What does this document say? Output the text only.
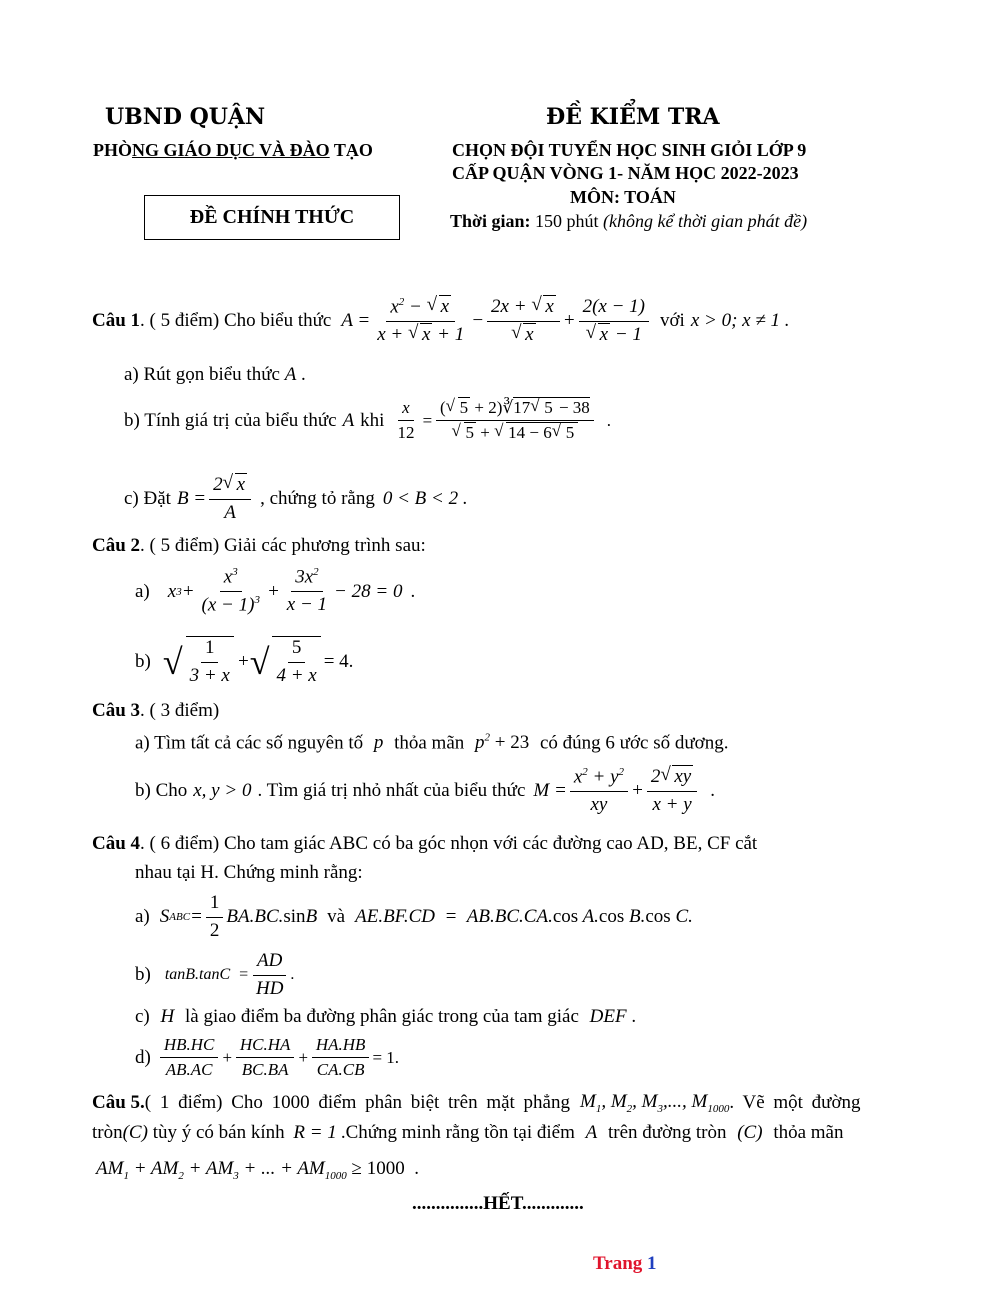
UBND QUẬN
PHÒNG GIÁO DỤC VÀ ĐÀO TẠO
ĐỀ CHÍNH THỨC
ĐỀ KIỂM TRA
CHỌN ĐỘI TUYỂN HỌC SINH GIỎI LỚP 9
CẤP QUẬN VÒNG 1- NĂM HỌC 2022-2023
MÔN: TOÁN
Thời gian: 150 phút (không kể thời gian phát đề)
Câu 1 . ( 5 điểm) Cho biểu thức $A = \frac{x^2 - √ x}{x + √ x + 1} - 2x$ + √ x
√ x + 2(x − 1)
√ x − 1 với x > 0; x ≠ 1 .
a) Rút gọn biểu thức A .
b) Tính giá trị của biểu thức A khi $\frac{x}{12}$ = ( √ 5 + 2)∛17 √ 5 − 38
√ 5 + √ 14 − 6 √ 5 .
c) Đặt $B = \frac{2 √ x}{A}$ , chứng tỏ rằng 0 < B < 2 .
Câu 2. ( 5 điểm) Giải các phương trình sau:
a) x $3 + \frac{x^3}{(x - 1)^3} + \frac{3x^2}{x - 1} - 28 = 0$ .
b) √ $\frac{1}{3 + x}$ + √ $\frac{5}{4 + x} = 4$.
Câu 3. ( 3 điểm)
a) Tìm tất cả các số nguyên tố p thỏa mãn $p^2 + 23$ có đúng 6 ước số dương.
b) Cho x, y > 0 . Tìm giá trị nhỏ nhất của biểu thức $M = \frac{x^2 + y^2}{xy} + \frac{2 √ xy}{x + y}$ .
Câu 4. ( 6 điểm) Cho tam giác ABC có ba góc nhọn với các đường cao AD, BE, CF cắt
nhau tại H. Chứng minh rằng:
a) S ABC = $\frac{1}{2} BA.BC$. sin B và AE.BF.CD  =  AB.BC.CA.cos A.cos B.cos C.
b) $\tan B.\tan C = \frac{AD}{HD}$ .
c) H là giao điểm ba đường phân giác trong của tam giác DEF .
$d) \frac{HB.HC}{AB.AC} + \frac{HC.HA}{BC.BA} + \frac{HA.HB}{CA.CB} = 1$.
Câu 5. ( 1 điểm) Cho 1000 điểm phân biệt trên mặt phẳng $M_1$, $M_2$, $M_3$,..., $M_{1000}$ . Vẽ một đường
tròn(C) tùy ý có bán kính R = 1 .Chứng minh rằng tồn tại điểm A trên đường tròn (C) thỏa mãn
$AM_1 + AM_2 + AM_3$ + ... + $AM_{1000} \ge 1000$  .
...............HẾT.............
Trang 1
